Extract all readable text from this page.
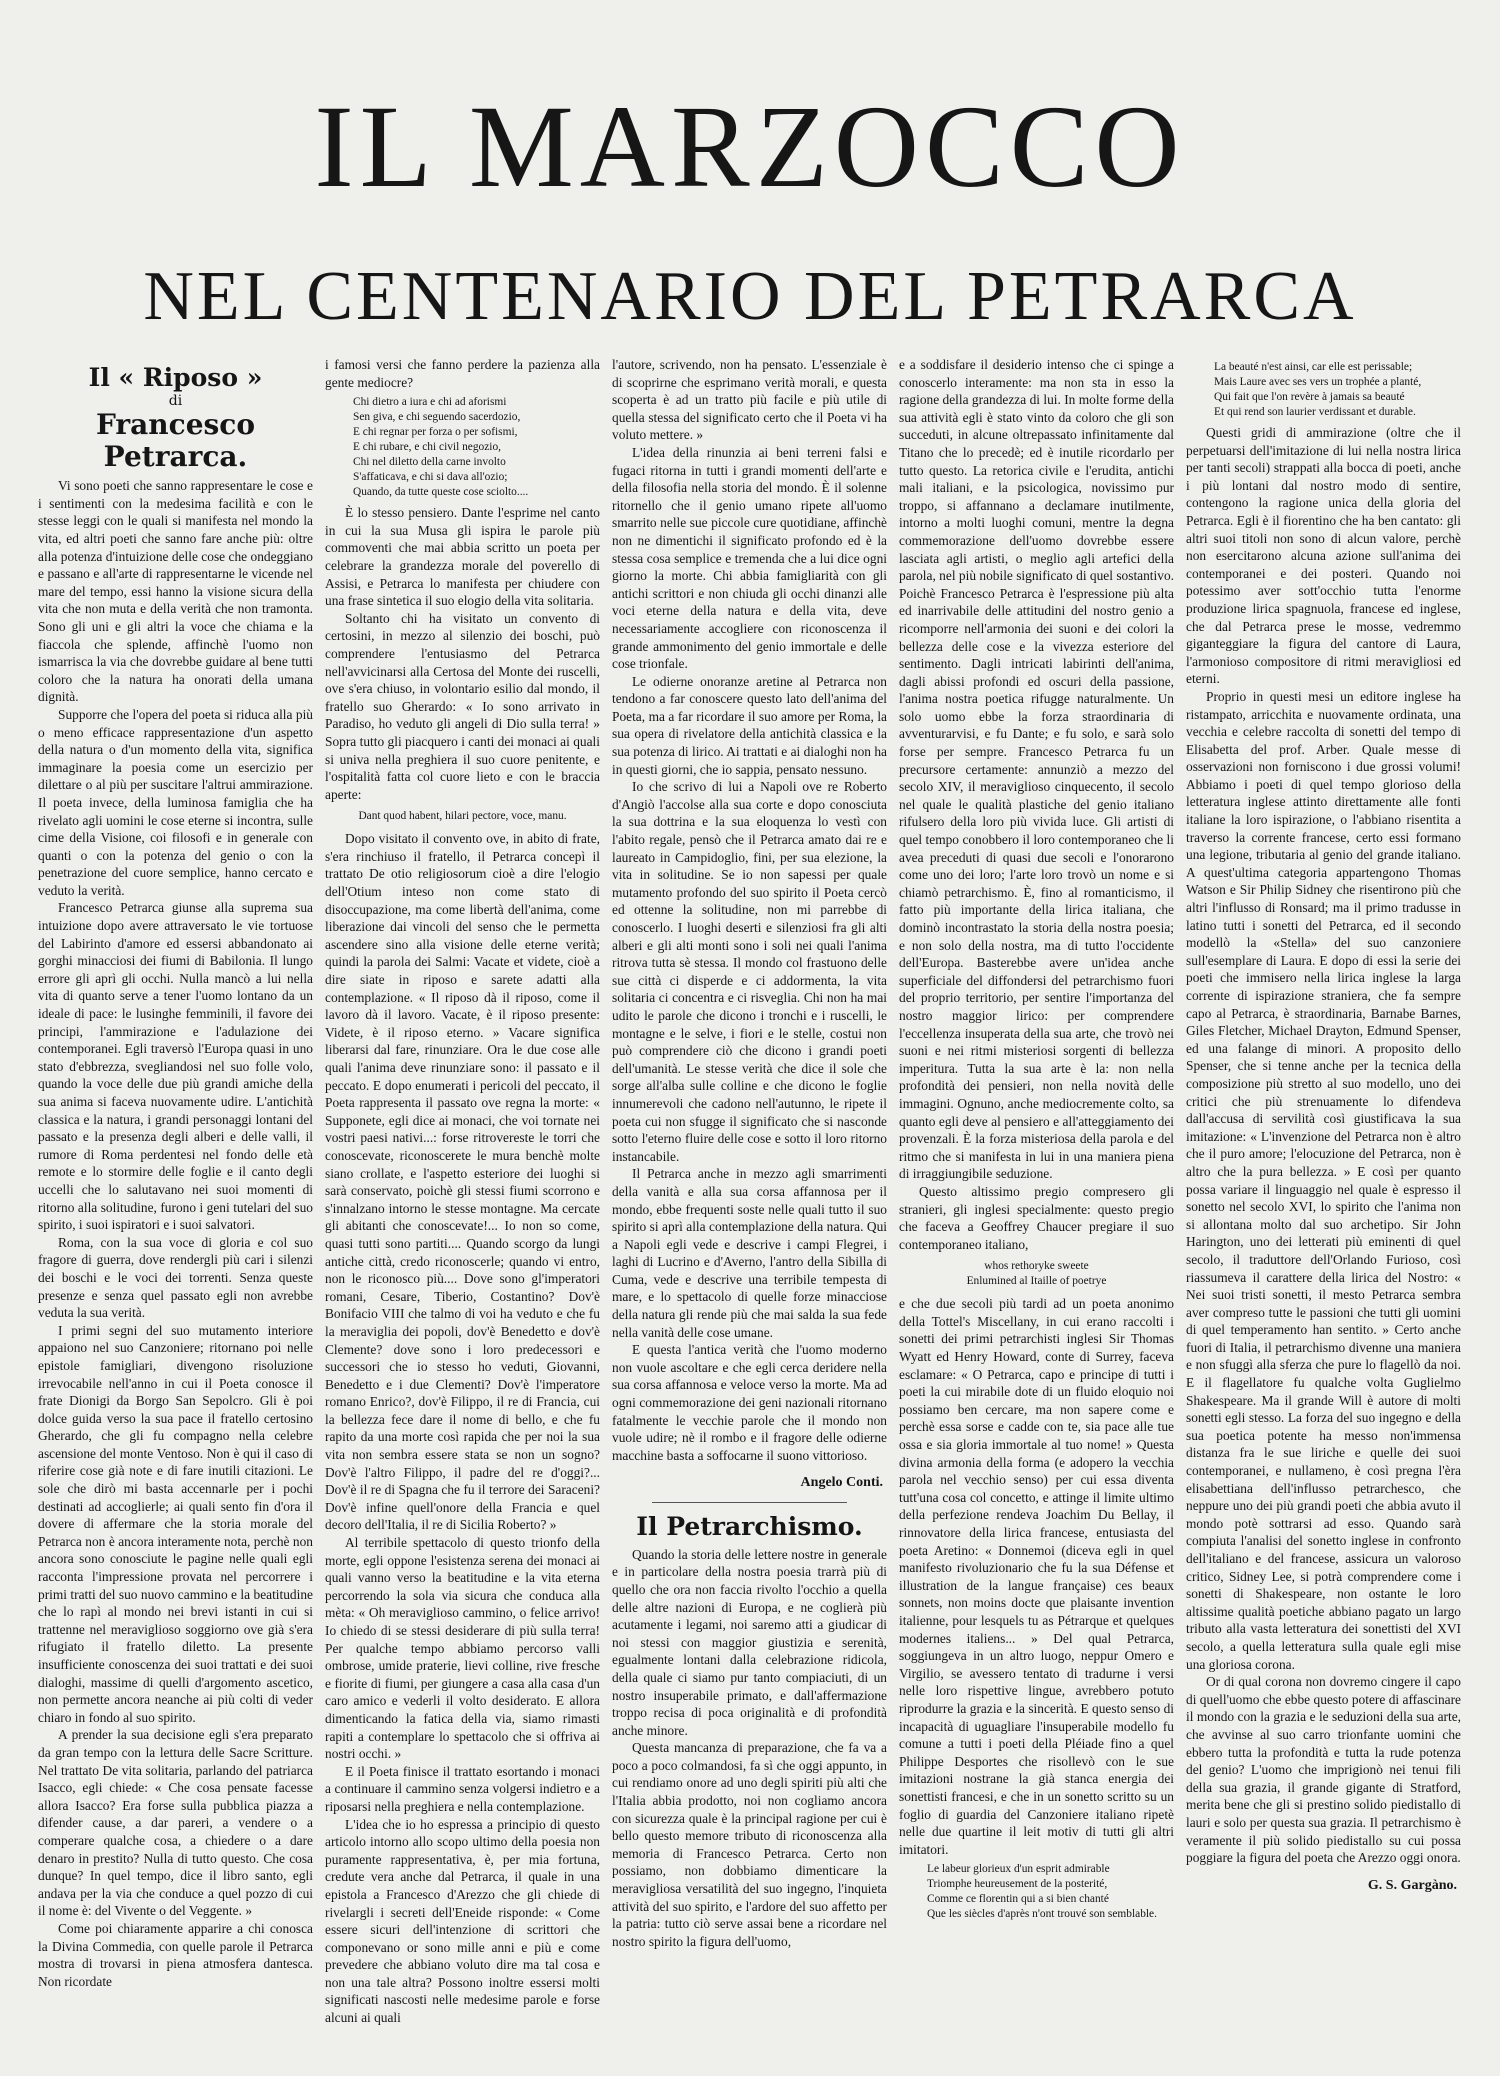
IL MARZOCCO
NEL CENTENARIO DEL PETRARCA
Il « Riposo »
di
Francesco Petrarca.

Vi sono poeti che sanno rappresentare le cose e i sentimenti con la medesima facilità e con le stesse leggi con le quali si manifesta nel mondo la vita, ed altri poeti che sanno fare anche più: oltre alla potenza d'intuizione delle cose che ondeggiano e passano e all'arte di rappresentarne le vicende nel mare del tempo, essi hanno la visione sicura della vita che non muta e della verità che non tramonta. Sono gli uni e gli altri la voce che chiama e la fiaccola che splende, affinchè l'uomo non ismarrisca la via che dovrebbe guidare al bene tutti coloro che la natura ha onorati della umana dignità.

Supporre che l'opera del poeta si riduca alla più o meno efficace rappresentazione d'un aspetto della natura o d'un momento della vita, significa immaginare la poesia come un esercizio per dilettare o al più per suscitare l'altrui ammirazione. Il poeta invece, della luminosa famiglia che ha rivelato agli uomini le cose eterne si incontra, sulle cime della Visione, coi filosofi e in generale con quanti o con la potenza del genio o con la penetrazione del cuore semplice, hanno cercato e veduto la verità.

Francesco Petrarca giunse alla suprema sua intuizione dopo avere attraversato le vie tortuose del Labirinto d'amore ed essersi abbandonato ai gorghi minacciosi dei fiumi di Babilonia. Il lungo errore gli aprì gli occhi. Nulla mancò a lui nella vita di quanto serve a tener l'uomo lontano da un ideale di pace: le lusinghe femminili, il favore dei principi, l'ammirazione e l'adulazione dei contemporanei. Egli traversò l'Europa quasi in uno stato d'ebbrezza, svegliandosi nel suo folle volo, quando la voce delle due più grandi amiche della sua anima si faceva nuovamente udire. L'antichità classica e la natura, i grandi personaggi lontani del passato e la presenza degli alberi e delle valli, il rumore di Roma perdentesi nel fondo delle età remote e lo stormire delle foglie e il canto degli uccelli che lo salutavano nei suoi momenti di ritorno alla solitudine, furono i geni tutelari del suo spirito, i suoi ispiratori e i suoi salvatori.

Roma, con la sua voce di gloria e col suo fragore di guerra, dove rendergli più cari i silenzi dei boschi e le voci dei torrenti. Senza queste presenze e senza quel passato egli non avrebbe veduta la sua verità.

I primi segni del suo mutamento interiore appaiono nel suo Canzoniere; ritornano poi nelle epistole famigliari, divengono risoluzione irrevocabile nell'anno in cui il Poeta conosce il frate Dionigi da Borgo San Sepolcro. Gli è poi dolce guida verso la sua pace il fratello certosino Gherardo, che gli fu compagno nella celebre ascensione del monte Ventoso. Non è qui il caso di riferire cose già note e di fare inutili citazioni. Le sole che dirò mi basta accennarle per i pochi destinati ad accoglierle; ai quali sento fin d'ora il dovere di affermare che la storia morale del Petrarca non è ancora interamente nota, perchè non ancora sono conosciute le pagine nelle quali egli racconta l'impressione provata nel percorrere i primi tratti del suo nuovo cammino e la beatitudine che lo rapì al mondo nei brevi istanti in cui si trattenne nel meraviglioso soggiorno ove già s'era rifugiato il fratello diletto. La presente insufficiente conoscenza dei suoi trattati e dei suoi dialoghi, massime di quelli d'argomento ascetico, non permette ancora neanche ai più colti di veder chiaro in fondo al suo spirito.

A prender la sua decisione egli s'era preparato da gran tempo con la lettura delle Sacre Scritture. Nel trattato De vita solitaria, parlando del patriarca Isacco, egli chiede: « Che cosa pensate facesse allora Isacco? Era forse sulla pubblica piazza a difender cause, a dar pareri, a vendere o a comperare qualche cosa, a chiedere o a dare denaro in prestito? Nulla di tutto questo. Che cosa dunque? In quel tempo, dice il libro santo, egli andava per la via che conduce a quel pozzo di cui il nome è: del Vivente o del Veggente. »

Come poi chiaramente apparire a chi conosca la Divina Commedia, con quelle parole il Petrarca mostra di trovarsi in piena atmosfera dantesca. Non ricordate

i famosi versi che fanno perdere la pazienza alla gente mediocre?

Chi dietro a iura e chi ad aforismi

Sen giva, e chi seguendo sacerdozio,

E chi regnar per forza o per sofismi,

E chi rubare, e chi civil negozio,

Chi nel diletto della carne involto

S'affaticava, e chi si dava all'ozio;

Quando, da tutte queste cose sciolto....

È lo stesso pensiero. Dante l'esprime nel canto in cui la sua Musa gli ispira le parole più commoventi che mai abbia scritto un poeta per celebrare la grandezza morale del poverello di Assisi, e Petrarca lo manifesta per chiudere con una frase sintetica il suo elogio della vita solitaria.

Soltanto chi ha visitato un convento di certosini, in mezzo al silenzio dei boschi, può comprendere l'entusiasmo del Petrarca nell'avvicinarsi alla Certosa del Monte dei ruscelli, ove s'era chiuso, in volontario esilio dal mondo, il fratello suo Gherardo: « Io sono arrivato in Paradiso, ho veduto gli angeli di Dio sulla terra! » Sopra tutto gli piacquero i canti dei monaci ai quali si univa nella preghiera il suo cuore penitente, e l'ospitalità fatta col cuore lieto e con le braccia aperte:

Dant quod habent, hilari pectore, voce, manu.

Dopo visitato il convento ove, in abito di frate, s'era rinchiuso il fratello, il Petrarca concepì il trattato De otio religiosorum cioè a dire l'elogio dell'Otium inteso non come stato di disoccupazione, ma come libertà dell'anima, come liberazione dai vincoli del senso che le permetta ascendere sino alla visione delle eterne verità; quindi la parola dei Salmi: Vacate et videte, cioè a dire siate in riposo e sarete adatti alla contemplazione. « Il riposo dà il riposo, come il lavoro dà il lavoro. Vacate, è il riposo presente: Videte, è il riposo eterno. » Vacare significa liberarsi dal fare, rinunziare. Ora le due cose alle quali l'anima deve rinunziare sono: il passato e il peccato. E dopo enumerati i pericoli del peccato, il Poeta rappresenta il passato ove regna la morte: « Supponete, egli dice ai monaci, che voi tornate nei vostri paesi nativi...: forse ritrovereste le torri che conoscevate, riconoscerete le mura benchè molte siano crollate, e l'aspetto esteriore dei luoghi si sarà conservato, poichè gli stessi fiumi scorrono e s'innalzano intorno le stesse montagne. Ma cercate gli abitanti che conoscevate!... Io non so come, quasi tutti sono partiti.... Quando scorgo da lungi antiche città, credo riconoscerle; quando vi entro, non le riconosco più.... Dove sono gl'imperatori romani, Cesare, Tiberio, Costantino? Dov'è Bonifacio VIII che talmo di voi ha veduto e che fu la meraviglia dei popoli, dov'è Benedetto e dov'è Clemente? dove sono i loro predecessori e successori che io stesso ho veduti, Giovanni, Benedetto e i due Clementi? Dov'è l'imperatore romano Enrico?, dov'è Filippo, il re di Francia, cui la bellezza fece dare il nome di bello, e che fu rapito da una morte così rapida che per noi la sua vita non sembra essere stata se non un sogno? Dov'è l'altro Filippo, il padre del re d'oggi?... Dov'è il re di Spagna che fu il terrore dei Saraceni? Dov'è infine quell'onore della Francia e quel decoro dell'Italia, il re di Sicilia Roberto? »

Al terribile spettacolo di questo trionfo della morte, egli oppone l'esistenza serena dei monaci ai quali vanno verso la beatitudine e la vita eterna percorrendo la sola via sicura che conduca alla mèta: « Oh meraviglioso cammino, o felice arrivo! Io chiedo di se stessi desiderare di più sulla terra! Per qualche tempo abbiamo percorso valli ombrose, umide praterie, lievi colline, rive fresche e fiorite di fiumi, per giungere a casa alla casa d'un caro amico e vederli il volto desiderato. E allora dimenticando la fatica della via, siamo rimasti rapiti a contemplare lo spettacolo che si offriva ai nostri occhi. »

E il Poeta finisce il trattato esortando i monaci a continuare il cammino senza volgersi indietro e a riposarsi nella preghiera e nella contemplazione.

L'idea che io ho espressa a principio di questo articolo intorno allo scopo ultimo della poesia non puramente rappresentativa, è, per mia fortuna, credute vera anche dal Petrarca, il quale in una epistola a Francesco d'Arezzo che gli chiede di rivelargli i secreti dell'Eneide risponde: « Come essere sicuri dell'intenzione di scrittori che componevano or sono mille anni e più e come prevedere che abbiano voluto dire ma tal cosa e non una tale altra? Possono inoltre essersi molti significati nascosti nelle medesime parole e forse alcuni ai quali

l'autore, scrivendo, non ha pensato. L'essenziale è di scoprirne che esprimano verità morali, e questa scoperta è ad un tratto più facile e più utile di quella stessa del significato certo che il Poeta vi ha voluto mettere. »

L'idea della rinunzia ai beni terreni falsi e fugaci ritorna in tutti i grandi momenti dell'arte e della filosofia nella storia del mondo. È il solenne ritornello che il genio umano ripete all'uomo smarrito nelle sue piccole cure quotidiane, affinchè non ne dimentichi il significato profondo ed è la stessa cosa semplice e tremenda che a lui dice ogni giorno la morte. Chi abbia famigliarità con gli antichi scrittori e non chiuda gli occhi dinanzi alle voci eterne della natura e della vita, deve necessariamente accogliere con riconoscenza il grande ammonimento del genio immortale e delle cose trionfale.

Le odierne onoranze aretine al Petrarca non tendono a far conoscere questo lato dell'anima del Poeta, ma a far ricordare il suo amore per Roma, la sua opera di rivelatore della antichità classica e la sua potenza di lirico. Ai trattati e ai dialoghi non ha in questi giorni, che io sappia, pensato nessuno.

Io che scrivo di lui a Napoli ove re Roberto d'Angiò l'accolse alla sua corte e dopo conosciuta la sua dottrina e la sua eloquenza lo vestì con l'abito regale, pensò che il Petrarca amato dai re e laureato in Campidoglio, fini, per sua elezione, la vita in solitudine. Se io non sapessi per quale mutamento profondo del suo spirito il Poeta cercò ed ottenne la solitudine, non mi parrebbe di conoscerlo. I luoghi deserti e silenziosi fra gli alti alberi e gli alti monti sono i soli nei quali l'anima ritrova tutta sè stessa. Il mondo col frastuono delle sue città ci disperde e ci addormenta, la vita solitaria ci concentra e ci risveglia. Chi non ha mai udito le parole che dicono i tronchi e i ruscelli, le montagne e le selve, i fiori e le stelle, costui non può comprendere ciò che dicono i grandi poeti dell'umanità. Le stesse verità che dice il sole che sorge all'alba sulle colline e che dicono le foglie innumerevoli che cadono nell'autunno, le ripete il poeta cui non sfugge il significato che si nasconde sotto l'eterno fluire delle cose e sotto il loro ritorno instancabile.

Il Petrarca anche in mezzo agli smarrimenti della vanità e alla sua corsa affannosa per il mondo, ebbe frequenti soste nelle quali tutto il suo spirito si aprì alla contemplazione della natura. Qui a Napoli egli vede e descrive i campi Flegrei, i laghi di Lucrino e d'Averno, l'antro della Sibilla di Cuma, vede e descrive una terribile tempesta di mare, e lo spettacolo di quelle forze minacciose della natura gli rende più che mai salda la sua fede nella vanità delle cose umane.

E questa l'antica verità che l'uomo moderno non vuole ascoltare e che egli cerca deridere nella sua corsa affannosa e veloce verso la morte. Ma ad ogni commemorazione dei geni nazionali ritornano fatalmente le vecchie parole che il mondo non vuole udire; nè il rombo e il fragore delle odierne macchine basta a soffocarne il suono vittorioso.

Angelo Conti.
Il Petrarchismo.

Quando la storia delle lettere nostre in generale e in particolare della nostra poesia trarrà più di quello che ora non faccia rivolto l'occhio a quella delle altre nazioni di Europa, e ne coglierà più acutamente i legami, noi saremo atti a giudicar di noi stessi con maggior giustizia e serenità, egualmente lontani dalla celebrazione ridicola, della quale ci siamo pur tanto compiaciuti, di un nostro insuperabile primato, e dall'affermazione troppo recisa di poca originalità e di profondità anche minore.

Questa mancanza di preparazione, che fa va a poco a poco colmandosi, fa sì che oggi appunto, in cui rendiamo onore ad uno degli spiriti più alti che l'Italia abbia prodotto, noi non cogliamo ancora con sicurezza quale è la principal ragione per cui è bello questo memore tributo di riconoscenza alla memoria di Francesco Petrarca. Certo non possiamo, non dobbiamo dimenticare la meravigliosa versatilità del suo ingegno, l'inquieta attività del suo spirito, e l'ardore del suo affetto per la patria: tutto ciò serve assai bene a ricordare nel nostro spirito la figura dell'uomo,

e a soddisfare il desiderio intenso che ci spinge a conoscerlo interamente: ma non sta in esso la ragione della grandezza di lui. In molte forme della sua attività egli è stato vinto da coloro che gli son succeduti, in alcune oltrepassato infinitamente dal Titano che lo precedè; ed è inutile ricordarlo per tutto questo. La retorica civile e l'erudita, antichi mali italiani, e la psicologica, novissimo pur troppo, si affannano a declamare inutilmente, intorno a molti luoghi comuni, mentre la degna commemorazione dell'uomo dovrebbe essere lasciata agli artisti, o meglio agli artefici della parola, nel più nobile significato di quel sostantivo. Poichè Francesco Petrarca è l'espressione più alta ed inarrivabile delle attitudini del nostro genio a ricomporre nell'armonia dei suoni e dei colori la bellezza delle cose e la vivezza esteriore del sentimento. Dagli intricati labirinti dell'anima, dagli abissi profondi ed oscuri della passione, l'anima nostra poetica rifugge naturalmente. Un solo uomo ebbe la forza straordinaria di avventurarvisi, e fu Dante; e fu solo, e sarà solo forse per sempre. Francesco Petrarca fu un precursore certamente: annunziò a mezzo del secolo XIV, il meraviglioso cinquecento, il secolo nel quale le qualità plastiche del genio italiano rifulsero della loro più vivida luce. Gli artisti di quel tempo conobbero il loro contemporaneo che li avea preceduti di quasi due secoli e l'onorarono come uno dei loro; l'arte loro trovò un nome e si chiamò petrarchismo. È, fino al romanticismo, il fatto più importante della lirica italiana, che dominò incontrastato la storia della nostra poesia; e non solo della nostra, ma di tutto l'occidente dell'Europa. Basterebbe avere un'idea anche superficiale del diffondersi del petrarchismo fuori del proprio territorio, per sentire l'importanza del nostro maggior lirico: per comprendere l'eccellenza insuperata della sua arte, che trovò nei suoni e nei ritmi misteriosi sorgenti di bellezza imperitura. Tutta la sua arte è la: non nella profondità dei pensieri, non nella novità delle immagini. Ognuno, anche mediocremente colto, sa quanto egli deve al pensiero e all'atteggiamento dei provenzali. È la forza misteriosa della parola e del ritmo che si manifesta in lui in una maniera piena di irraggiungibile seduzione.

Questo altissimo pregio compresero gli stranieri, gli inglesi specialmente: questo pregio che faceva a Geoffrey Chaucer pregiare il suo contemporaneo italiano,

whos rethoryke sweete

Enlumined al Itaille of poetrye

e che due secoli più tardi ad un poeta anonimo della Tottel's Miscellany, in cui erano raccolti i sonetti dei primi petrarchisti inglesi Sir Thomas Wyatt ed Henry Howard, conte di Surrey, faceva esclamare: « O Petrarca, capo e principe di tutti i poeti la cui mirabile dote di un fluido eloquio noi possiamo ben cercare, ma non sapere come e perchè essa sorse e cadde con te, sia pace alle tue ossa e sia gloria immortale al tuo nome! » Questa divina armonia della forma (e adopero la vecchia parola nel vecchio senso) per cui essa diventa tutt'una cosa col concetto, e attinge il limite ultimo della perfezione rendeva Joachim Du Bellay, il rinnovatore della lirica francese, entusiasta del poeta Aretino: « Donnemoi (diceva egli in quel manifesto rivoluzionario che fu la sua Défense et illustration de la langue française) ces beaux sonnets, non moins docte que plaisante invention italienne, pour lesquels tu as Pétrarque et quelques modernes italiens... » Del qual Petrarca, soggiungeva in un altro luogo, neppur Omero e Virgilio, se avessero tentato di tradurne i versi nelle loro rispettive lingue, avrebbero potuto riprodurre la grazia e la sincerità. E questo senso di incapacità di uguagliare l'insuperabile modello fu comune a tutti i poeti della Pléiade fino a quel Philippe Desportes che risollevò con le sue imitazioni nostrane la già stanca energia dei sonettisti francesi, e che in un sonetto scritto su un foglio di guardia del Canzoniere italiano ripetè nelle due quartine il leit motiv di tutti gli altri imitatori.

Le labeur glorieux d'un esprit admirable

Triomphe heureusement de la posterité,

Comme ce florentin qui a si bien chanté

Que les siècles d'après n'ont trouvé son semblable.

La beauté n'est ainsi, car elle est perissable;

Mais Laure avec ses vers un trophée a planté,

Qui fait que l'on revère à jamais sa beauté

Et qui rend son laurier verdissant et durable.

Questi gridi di ammirazione (oltre che il perpetuarsi dell'imitazione di lui nella nostra lirica per tanti secoli) strappati alla bocca di poeti, anche i più lontani dal nostro modo di sentire, contengono la ragione unica della gloria del Petrarca. Egli è il fiorentino che ha ben cantato: gli altri suoi titoli non sono di alcun valore, perchè non esercitarono alcuna azione sull'anima dei contemporanei e dei posteri. Quando noi potessimo aver sott'occhio tutta l'enorme produzione lirica spagnuola, francese ed inglese, che dal Petrarca prese le mosse, vedremmo giganteggiare la figura del cantore di Laura, l'armonioso compositore di ritmi meravigliosi ed eterni.

Proprio in questi mesi un editore inglese ha ristampato, arricchita e nuovamente ordinata, una vecchia e celebre raccolta di sonetti del tempo di Elisabetta del prof. Arber. Quale messe di osservazioni non forniscono i due grossi volumi! Abbiamo i poeti di quel tempo glorioso della letteratura inglese attinto direttamente alle fonti italiane la loro ispirazione, o l'abbiano risentita a traverso la corrente francese, certo essi formano una legione, tributaria al genio del grande italiano. A quest'ultima categoria appartengono Thomas Watson e Sir Philip Sidney che risentirono più che altri l'influsso di Ronsard; ma il primo tradusse in latino tutti i sonetti del Petrarca, ed il secondo modellò la «Stella» del suo canzoniere sull'esemplare di Laura. E dopo di essi la serie dei poeti che immisero nella lirica inglese la larga corrente di ispirazione straniera, che fa sempre capo al Petrarca, è straordinaria, Barnabe Barnes, Giles Fletcher, Michael Drayton, Edmund Spenser, ed una falange di minori. A proposito dello Spenser, che si tenne anche per la tecnica della composizione più stretto al suo modello, uno dei critici che più strenuamente lo difendeva dall'accusa di servilità così giustificava la sua imitazione: « L'invenzione del Petrarca non è altro che il puro amore; l'elocuzione del Petrarca, non è altro che la pura bellezza. » E così per quanto possa variare il linguaggio nel quale è espresso il sonetto nel secolo XVI, lo spirito che l'anima non si allontana molto dal suo archetipo. Sir John Harington, uno dei letterati più eminenti di quel secolo, il traduttore dell'Orlando Furioso, così riassumeva il carattere della lirica del Nostro: « Nei suoi tristi sonetti, il mesto Petrarca sembra aver compreso tutte le passioni che tutti gli uomini di quel temperamento han sentito. » Certo anche fuori di Italia, il petrarchismo divenne una maniera e non sfuggì alla sferza che pure lo flagellò da noi. E il flagellatore fu qualche volta Guglielmo Shakespeare. Ma il grande Will è autore di molti sonetti egli stesso. La forza del suo ingegno e della sua poetica potente ha messo non'immensa distanza fra le sue liriche e quelle dei suoi contemporanei, e nullameno, è così pregna l'èra elisabettiana dell'influsso petrarchesco, che neppure uno dei più grandi poeti che abbia avuto il mondo potè sottrarsi ad esso. Quando sarà compiuta l'analisi del sonetto inglese in confronto dell'italiano e del francese, assicura un valoroso critico, Sidney Lee, si potrà comprendere come i sonetti di Shakespeare, non ostante le loro altissime qualità poetiche abbiano pagato un largo tributo alla vasta letteratura dei sonettisti del XVI secolo, a quella letteratura sulla quale egli mise una gloriosa corona.

Or di qual corona non dovremo cingere il capo di quell'uomo che ebbe questo potere di affascinare il mondo con la grazia e le seduzioni della sua arte, che avvinse al suo carro trionfante uomini che ebbero tutta la profondità e tutta la rude potenza del genio? L'uomo che imprigionò nei tenui fili della sua grazia, il grande gigante di Stratford, merita bene che gli si prestino solido piedistallo di lauri e solo per questa sua grazia. Il petrarchismo è veramente il più solido piedistallo su cui possa poggiare la figura del poeta che Arezzo oggi onora.

G. S. Gargàno.
